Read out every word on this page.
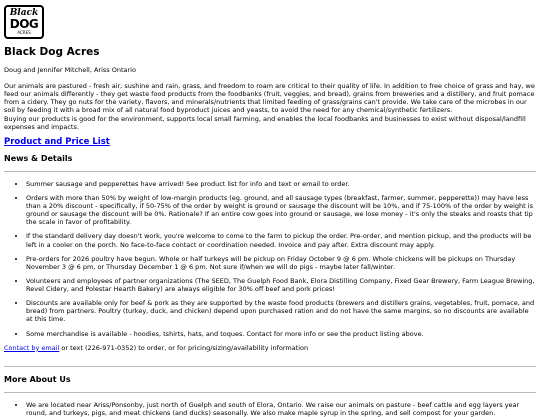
Black
DOG
ACRES
Black Dog Acres

Doug and Jennifer Mitchell, Ariss Ontario

Our animals are pastured - fresh air, sushine and rain, grass, and freedom to roam are critical to their quality of life. In addition to free choice of grass and hay, we feed our animals differently - they get waste food products from the foodbanks (fruit, veggies, and bread), grains from breweries and a distillery, and fruit pomace from a cidery. They go nuts for the variety, flavors, and minerals/nutrients that limited feeding of grass/grains can't provide. We take care of the microbes in our soil by feeding it with a broad mix of all natural food byproduct juices and yeasts, to avoid the need for any chemical/synthetic fertilizers.
Buying our products is good for the environment, supports local small farming, and enables the local foodbanks and businesses to exist without disposal/landfill expenses and impacts.

Product and Price List
News & Details
• Summer sausage and pepperettes have arrived! See product list for info and text or email to order.
• Orders with more than 50% by weight of low-margin products (eg. ground, and all sausage types (breakfast, farmer, summer, pepperette)) may have less than a 20% discount - specifically, if 50-75% of the order by weight is ground or sausage the discount will be 10%, and if 75-100% of the order by weight is ground or sausage the discount will be 0%. Rationale? If an entire cow goes into ground or sausage, we lose money - it's only the steaks and roasts that tip the scale in favor of profitability.
• If the standard delivery day doesn't work, you're welcome to come to the farm to pickup the order. Pre-order, and mention pickup, and the products will be left in a cooler on the porch. No face-to-face contact or coordination needed. Invoice and pay after. Extra discount may apply.
• Pre-orders for 2026 poultry have begun. Whole or half turkeys will be pickup on Friday October 9 @ 6 pm. Whole chickens will be pickups on Thursday November 3 @ 6 pm, or Thursday December 1 @ 6 pm. Not sure if/when we will do pigs - maybe later fall/winter.
• Volunteers and employees of partner organizations (The SEED, The Guelph Food Bank, Elora Distilling Company, Fixed Gear Brewery, Farm League Brewing, Revel Cidery, and Polestar Hearth Bakery) are always eligible for 30% off beef and pork prices!
• Discounts are available only for beef & pork as they are supported by the waste food products (brewers and distillers grains, vegetables, fruit, pomace, and bread) from partners. Poultry (turkey, duck, and chicken) depend upon purchased ration and do not have the same margins, so no discounts are available at this time.
• Some merchandise is available - hoodies, tshirts, hats, and toques. Contact for more info or see the product listing above.

Contact by email or text (226-971-0352) to order, or for pricing/sizing/availability information

More About Us
• We are located near Ariss/Ponsonby, just north of Guelph and south of Elora, Ontario. We raise our animals on pasture - beef cattle and egg layers year round, and turkeys, pigs, and meat chickens (and ducks) seasonally. We also make maple syrup in the spring, and sell compost for your garden.
